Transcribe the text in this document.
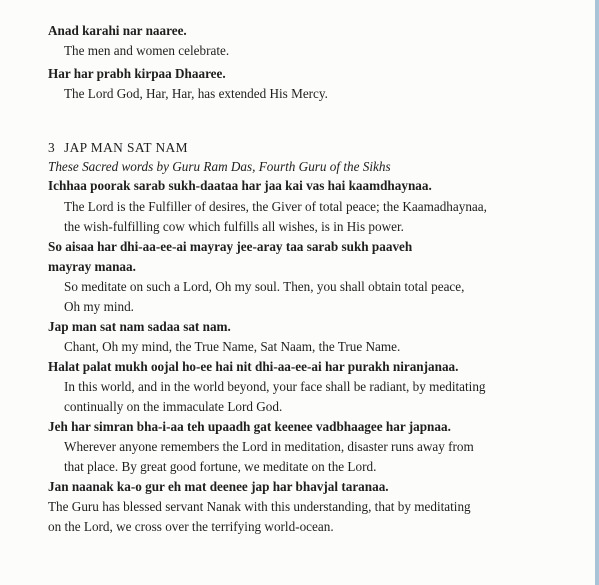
Anad karahi nar naaree.
The men and women celebrate.
Har har prabh kirpaa Dhaaree.
The Lord God, Har, Har, has extended His Mercy.
3 JAP MAN SAT NAM
These Sacred words by Guru Ram Das, Fourth Guru of the Sikhs
Ichhaa poorak sarab sukh-daataa har jaa kai vas hai kaamdhaynaa.
The Lord is the Fulfiller of desires, the Giver of total peace; the Kaamadhaynaa,
the wish-fulfilling cow which fulfills all wishes, is in His power.
So aisaa har dhi-aa-ee-ai mayray jee-aray taa sarab sukh paaveh
mayray manaa.
So meditate on such a Lord, Oh my soul. Then, you shall obtain total peace,
Oh my mind.
Jap man sat nam sadaa sat nam.
Chant, Oh my mind, the True Name, Sat Naam, the True Name.
Halat palat mukh oojal ho-ee hai nit dhi-aa-ee-ai har purakh niranjanaa.
In this world, and in the world beyond, your face shall be radiant, by meditating
continually on the immaculate Lord God.
Jeh har simran bha-i-aa teh upaadh gat keenee vadbhaagee har japnaa.
Wherever anyone remembers the Lord in meditation, disaster runs away from
that place. By great good fortune, we meditate on the Lord.
Jan naanak ka-o gur eh mat deenee jap har bhavjal taranaa.
The Guru has blessed servant Nanak with this understanding, that by meditating
on the Lord, we cross over the terrifying world-ocean.
